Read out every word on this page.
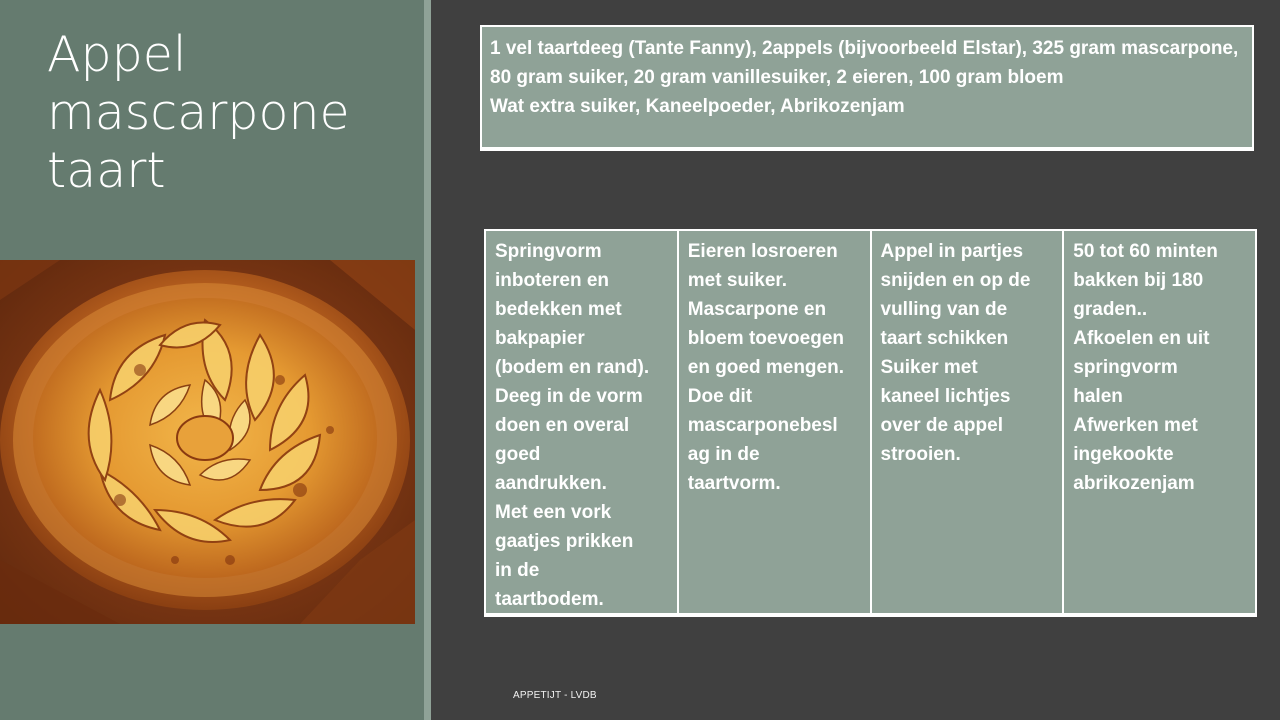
Appel
mascarpone
taart

1 vel taartdeeg (Tante Fanny), 2appels (bijvoorbeeld Elstar), 325 gram mascarpone, 80 gram suiker, 20 gram vanillesuiker, 2 eieren, 100 gram bloem

Wat extra suiker, Kaneelpoeder, Abrikozenjam

Springvorm
inboteren en
bedekken met
bakpapier
(bodem en rand).
Deeg in de vorm
doen en overal
goed
aandrukken.
Met een vork
gaatjes prikken
in de
taartbodem.
Eieren losroeren
met suiker.
Mascarpone en
bloem toevoegen
en goed mengen.
Doe dit
mascarponebesl
ag in de
taartvorm.
Appel in partjes
snijden en op de
vulling van de
taart schikken
Suiker met
kaneel lichtjes
over de appel
strooien.
50 tot 60 minten
bakken bij 180
graden..
Afkoelen en uit
springvorm
halen
Afwerken met
ingekookte
abrikozenjam
APPETIJT - LVDB
